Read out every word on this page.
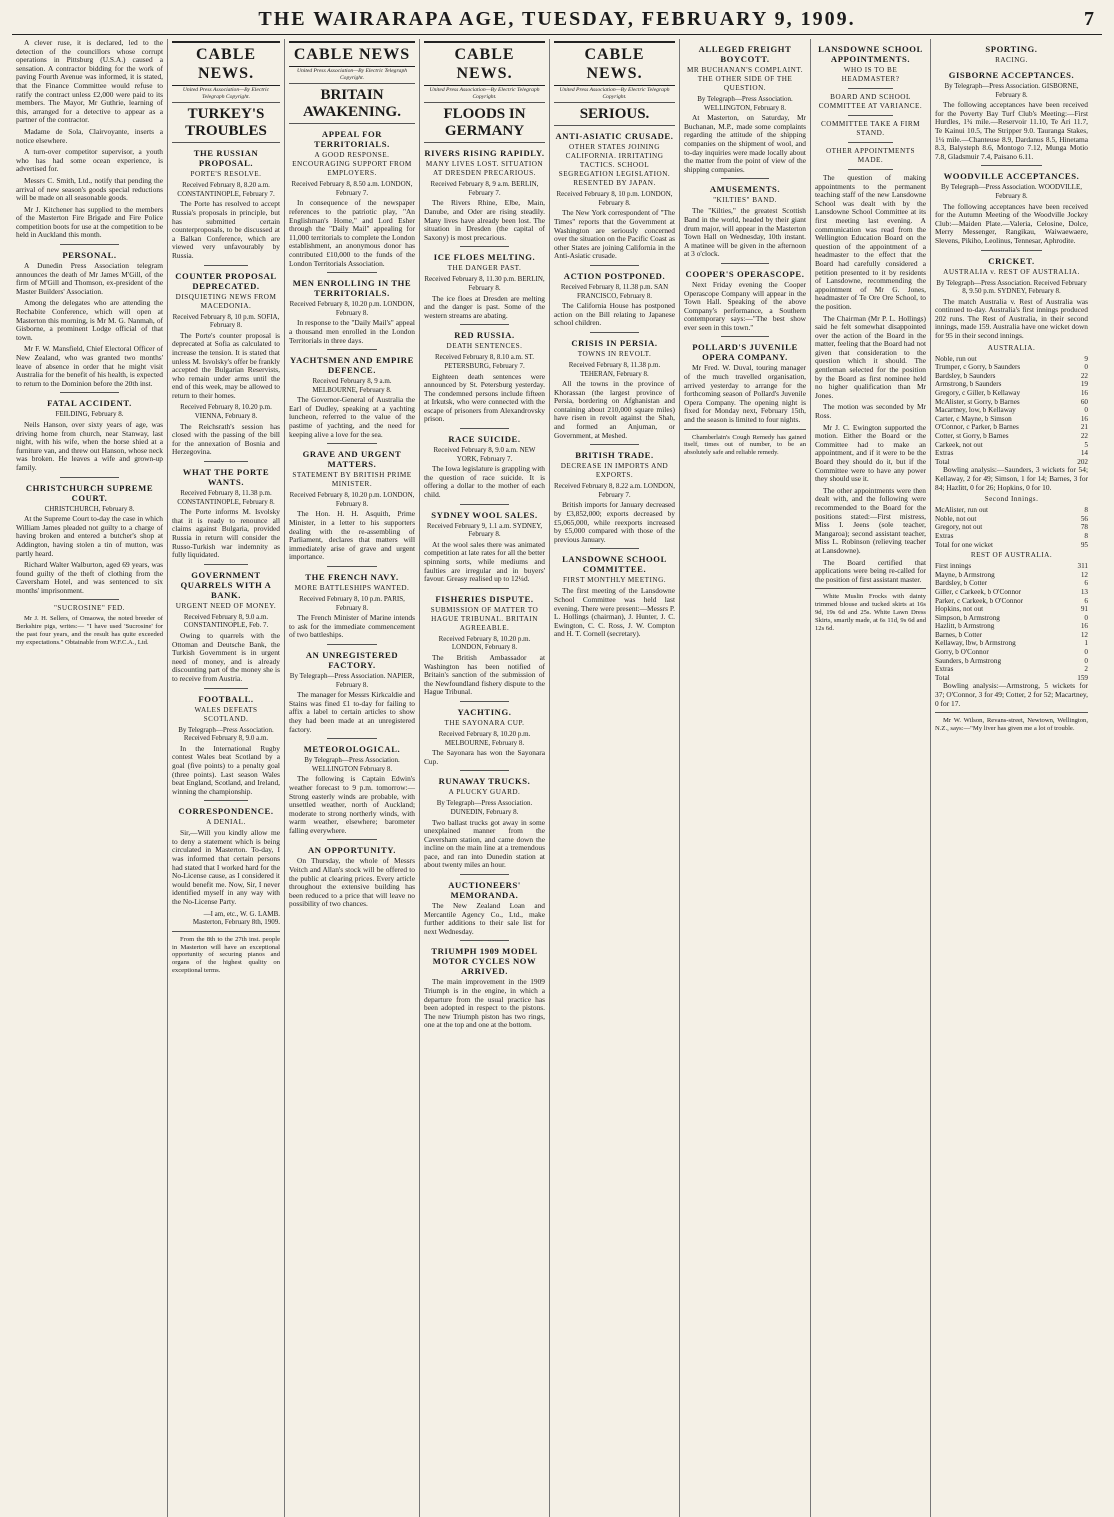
THE WAIRARAPA AGE, TUESDAY, FEBRUARY 9, 1909.	7

A clever ruse, it is declared, led to the detection of the councillors whose corrupt operations in Pittsburg (U.S.A.) caused a sensation. A contractor bidding for the work of paving Fourth Avenue was informed, it is stated, that the Finance Committee would refuse to ratify the contract unless £2,000 were paid to its members. The Mayor, Mr Guthrie, learning of this, arranged for a detective to appear as a partner of the contractor.

Madame de Sola, Clairvoyante, inserts a notice elsewhere.

A turn-over competitor supervisor, a youth who has had some ocean experience, is advertised for.

Messrs C. Smith, Ltd., notify that pending the arrival of new season's goods special reductions will be made on all seasonable goods.

Mr J. Kitchener has supplied to the members of the Masterton Fire Brigade and Fire Police competition boots for use at the competition to be held in Auckland this month.

PERSONAL.

A Dunedin Press Association telegram announces the death of Mr James M'Gill, of the firm of M'Gill and Thomson, ex-president of the Master Builders' Association.

Among the delegates who are attending the Rechabite Conference, which will open at Masterton this morning, is Mr M. G. Nanmah, of Gisborne, a prominent Lodge official of that town.

Mr F. W. Mansfield, Chief Electoral Officer of New Zealand, who was granted two months' leave of absence in order that he might visit Australia for the benefit of his health, is expected to return to the Dominion before the 20th inst.

FATAL ACCIDENT.
FEILDING, February 8.

Neils Hanson, over sixty years of age, was driving home from church, near Stanway, last night, with his wife, when the horse shied at a furniture van, and threw out Hanson, whose neck was broken. He leaves a wife and grown-up family.

CHRISTCHURCH SUPREME COURT.
CHRISTCHURCH, February 8.

At the Supreme Court to-day the case in which William James pleaded not guilty to a charge of having broken and entered a butcher's shop at Addington, having stolen a tin of mutton, was partly heard.

Richard Walter Walburton, aged 69 years, was found guilty of the theft of clothing from the Caversham Hotel, and was sentenced to six months' imprisonment.

"SUCROSINE" FED.

Mr J. H. Sellers, of Omaowa, the noted breeder of Berkshire pigs, writes:— "I have used 'Sucrosine' for the past four years, and the result has quite exceeded my expectations." Obtainable from W.F.C.A., Ltd.

CABLE NEWS.
United Press Association—By Electric Telegraph Copyright.
TURKEY'S TROUBLES
THE RUSSIAN PROPOSAL.
PORTE'S RESOLVE.
Received February 8, 8.20 a.m. CONSTANTINOPLE, February 7.

The Porte has resolved to accept Russia's proposals in principle, but has submitted certain counterproposals, to be discussed at a Balkan Conference, which are viewed very unfavourably by Russia.

COUNTER PROPOSAL DEPRECATED.
DISQUIETING NEWS FROM MACEDONIA.
Received February 8, 10 p.m. SOFIA, February 8.

The Porte's counter proposal is deprecated at Sofia as calculated to increase the tension. It is stated that unless M. Isvolsky's offer be frankly accepted the Bulgarian Reservists, who remain under arms until the end of this week, may be allowed to return to their homes.

Received February 8, 10.20 p.m. VIENNA, February 8.

The Reichsrath's session has closed with the passing of the bill for the annexation of Bosnia and Herzegovina.

WHAT THE PORTE WANTS.
Received February 8, 11.38 p.m. CONSTANTINOPLE, February 8.

The Porte informs M. Isvolsky that it is ready to renounce all claims against Bulgaria, provided Russia in return will consider the Russo-Turkish war indemnity as fully liquidated.

GOVERNMENT QUARRELS WITH A BANK.
URGENT NEED OF MONEY.
Received February 8, 9.0 a.m. CONSTANTINOPLE, Feb. 7.

Owing to quarrels with the Ottoman and Deutsche Bank, the Turkish Government is in urgent need of money, and is already discounting part of the money she is to receive from Austria.

FOOTBALL.
WALES DEFEATS SCOTLAND.
By Telegraph—Press Association. Received February 8, 9.0 a.m.

In the International Rugby contest Wales beat Scotland by a goal (five points) to a penalty goal (three points). Last season Wales beat England, Scotland, and Ireland, winning the championship.

CORRESPONDENCE.
A DENIAL.

Sir,—Will you kindly allow me to deny a statement which is being circulated in Masterton. To-day, I was informed that certain persons had stated that I worked hard for the No-License cause, as I considered it would benefit me. Now, Sir, I never identified myself in any way with the No-License Party.

—I am, etc., W. G. LAMB. Masterton, February 8th, 1909.

From the 8th to the 27th inst. people in Masterton will have an exceptional opportunity of securing pianos and organs of the highest quality on exceptional terms.

CABLE NEWS
United Press Association—By Electric Telegraph Copyright.
BRITAIN AWAKENING.
APPEAL FOR TERRITORIALS.
A GOOD RESPONSE. ENCOURAGING SUPPORT FROM EMPLOYERS.
Received February 8, 8.50 a.m. LONDON, February 7.

In consequence of the newspaper references to the patriotic play, "An Englishman's Home," and Lord Esher through the "Daily Mail" appealing for 11,000 territorials to complete the London establishment, an anonymous donor has contributed £10,000 to the funds of the London Territorials Association.

MEN ENROLLING IN THE TERRITORIALS.
Received February 8, 10.20 p.m. LONDON, February 8.

In response to the "Daily Mail's" appeal a thousand men enrolled in the London Territorials in three days.

YACHTSMEN AND EMPIRE DEFENCE.
Received February 8, 9 a.m. MELBOURNE, February 8.

The Governor-General of Australia the Earl of Dudley, speaking at a yachting luncheon, referred to the value of the pastime of yachting, and the need for keeping alive a love for the sea.

GRAVE AND URGENT MATTERS.
STATEMENT BY BRITISH PRIME MINISTER.
Received February 8, 10.20 p.m. LONDON, February 8.

The Hon. H. H. Asquith, Prime Minister, in a letter to his supporters dealing with the re-assembling of Parliament, declares that matters will immediately arise of grave and urgent importance.

THE FRENCH NAVY.
MORE BATTLESHIPS WANTED.
Received February 8, 10 p.m. PARIS, February 8.

The French Minister of Marine intends to ask for the immediate commencement of two battleships.

AN UNREGISTERED FACTORY.
By Telegraph—Press Association. NAPIER, February 8.

The manager for Messrs Kirkcaldie and Stains was fined £1 to-day for failing to affix a label to certain articles to show they had been made at an unregistered factory.

METEOROLOGICAL.
By Telegraph—Press Association. WELLINGTON February 8.

The following is Captain Edwin's weather forecast to 9 p.m. tomorrow:—Strong easterly winds are probable, with unsettled weather, north of Auckland; moderate to strong northerly winds, with warm weather, elsewhere; barometer falling everywhere.

AN OPPORTUNITY.

On Thursday, the whole of Messrs Veitch and Allan's stock will be offered to the public at clearing prices. Every article throughout the extensive building has been reduced to a price that will leave no possibility of two chances.

CABLE NEWS.
United Press Association—By Electric Telegraph Copyright.
FLOODS IN GERMANY
RIVERS RISING RAPIDLY.
MANY LIVES LOST. SITUATION AT DRESDEN PRECARIOUS.
Received February 8, 9 a.m. BERLIN, February 7.

The Rivers Rhine, Elbe, Main, Danube, and Oder are rising steadily. Many lives have already been lost. The situation in Dresden (the capital of Saxony) is most precarious.

ICE FLOES MELTING.
THE DANGER PAST.
Received February 8, 11.30 p.m. BERLIN, February 8.

The ice floes at Dresden are melting and the danger is past. Some of the western streams are abating.

RED RUSSIA.
DEATH SENTENCES.
Received February 8, 8.10 a.m. ST. PETERSBURG, February 7.

Eighteen death sentences were announced by St. Petersburg yesterday. The condemned persons include fifteen at Irkutsk, who were connected with the escape of prisoners from Alexandrovsky prison.

RACE SUICIDE.
Received February 8, 9.0 a.m. NEW YORK, February 7.

The Iowa legislature is grappling with the question of race suicide. It is offering a dollar to the mother of each child.

SYDNEY WOOL SALES.
Received February 9, 1.1 a.m. SYDNEY, February 8.

At the wool sales there was animated competition at late rates for all the better spinning sorts, while mediums and faulties are irregular and in buyers' favour. Greasy realised up to 12¼d.

FISHERIES DISPUTE.
SUBMISSION OF MATTER TO HAGUE TRIBUNAL. BRITAIN AGREEABLE.
Received February 8, 10.20 p.m. LONDON, February 8.

The British Ambassador at Washington has been notified of Britain's sanction of the submission of the Newfoundland fishery dispute to the Hague Tribunal.

YACHTING.
THE SAYONARA CUP.
Received February 8, 10.20 p.m. MELBOURNE, February 8.

The Sayonara has won the Sayonara Cup.

RUNAWAY TRUCKS.
A PLUCKY GUARD.
By Telegraph—Press Association. DUNEDIN, February 8.

Two ballast trucks got away in some unexplained manner from the Caversham station, and came down the incline on the main line at a tremendous pace, and ran into Dunedin station at about twenty miles an hour.

AUCTIONEERS' MEMORANDA.

The New Zealand Loan and Mercantile Agency Co., Ltd., make further additions to their sale list for next Wednesday.

TRIUMPH 1909 MODEL MOTOR CYCLES NOW ARRIVED.

The main improvement in the 1909 Triumph is in the engine, in which a departure from the usual practice has been adopted in respect to the pistons. The new Triumph piston has two rings, one at the top and one at the bottom.

CABLE NEWS.
United Press Association—By Electric Telegraph Copyright.
SERIOUS.
ANTI-ASIATIC CRUSADE.
OTHER STATES JOINING CALIFORNIA. IRRITATING TACTICS. SCHOOL SEGREGATION LEGISLATION. RESENTED BY JAPAN.
Received February 8, 10 p.m. LONDON, February 8.

The New York correspondent of "The Times" reports that the Government at Washington are seriously concerned over the situation on the Pacific Coast as other States are joining California in the Anti-Asiatic crusade.

ACTION POSTPONED.
Received February 8, 11.38 p.m. SAN FRANCISCO, February 8.

The California House has postponed action on the Bill relating to Japanese school children.

CRISIS IN PERSIA.
TOWNS IN REVOLT.
Received February 8, 11.38 p.m. TEHERAN, February 8.

All the towns in the province of Khorassan (the largest province of Persia, bordering on Afghanistan and containing about 210,000 square miles) have risen in revolt against the Shah, and formed an Anjuman, or Government, at Meshed.

BRITISH TRADE.
DECREASE IN IMPORTS AND EXPORTS.
Received February 8, 8.22 a.m. LONDON, February 7.

British imports for January decreased by £3,852,000; exports decreased by £5,065,000, while reexports increased by £5,000 compared with those of the previous January.

LANSDOWNE SCHOOL COMMITTEE.
FIRST MONTHLY MEETING.

The first meeting of the Lansdowne School Committee was held last evening. There were present:—Messrs P. L. Hollings (chairman), J. Hunter, J. C. Ewington, C. C. Ross, J. W. Compton and H. T. Cornell (secretary).

ALLEGED FREIGHT BOYCOTT.
MR BUCHANAN'S COMPLAINT. THE OTHER SIDE OF THE QUESTION.
By Telegraph—Press Association. WELLINGTON, February 8.

At Masterton, on Saturday, Mr Buchanan, M.P., made some complaints regarding the attitude of the shipping companies on the shipment of wool, and to-day inquiries were made locally about the matter from the point of view of the shipping companies.

AMUSEMENTS.
"KILTIES" BAND.

The "Kilties," the greatest Scottish Band in the world, headed by their giant drum major, will appear in the Masterton Town Hall on Wednesday, 10th instant. A matinee will be given in the afternoon at 3 o'clock.

COOPER'S OPERASCOPE.

Next Friday evening the Cooper Operascope Company will appear in the Town Hall. Speaking of the above Company's performance, a Southern contemporary says:—"The best show ever seen in this town."

POLLARD'S JUVENILE OPERA COMPANY.

Mr Fred. W. Duval, touring manager of the much travelled organisation, arrived yesterday to arrange for the forthcoming season of Pollard's Juvenile Opera Company. The opening night is fixed for Monday next, February 15th, and the season is limited to four nights.

Chamberlain's Cough Remedy has gained itself, times out of number, to be an absolutely safe and reliable remedy.

LANSDOWNE SCHOOL APPOINTMENTS.
WHO IS TO BE HEADMASTER?
BOARD AND SCHOOL COMMITTEE AT VARIANCE.
COMMITTEE TAKE A FIRM STAND.
OTHER APPOINTMENTS MADE.

The question of making appointments to the permanent teaching staff of the new Lansdowne School was dealt with by the Lansdowne School Committee at its first meeting last evening. A communication was read from the Wellington Education Board on the question of the appointment of a headmaster to the effect that the Board had carefully considered a petition presented to it by residents of Lansdowne, recommending the appointment of Mr G. Jones, headmaster of Te Ore Ore School, to the position.

The Chairman (Mr P. L. Hollings) said he felt somewhat disappointed over the action of the Board in the matter, feeling that the Board had not given that consideration to the question which it should. The gentleman selected for the position by the Board as first nominee held no higher qualification than Mr Jones.

The motion was seconded by Mr Ross.

Mr J. C. Ewington supported the motion. Either the Board or the Committee had to make an appointment, and if it were to be the Board they should do it, but if the Committee were to have any power they should use it.

The other appointments were then dealt with, and the following were recommended to the Board for the positions stated:—First mistress, Miss I. Jeens (sole teacher, Mangaroa); second assistant teacher, Miss L. Robinson (relieving teacher at Lansdowne).

The Board certified that applications were being re-called for the position of first assistant master.

White Muslin Frocks with dainty trimmed blouse and tucked skirts at 16s 9d, 19s 6d and 25s. White Lawn Dress Skirts, smartly made, at 6s 11d, 9s 6d and 12s 6d.

SPORTING.
RACING.
GISBORNE ACCEPTANCES.
By Telegraph—Press Association. GISBORNE, February 8.

The following acceptances have been received for the Poverty Bay Turf Club's Meeting:—First Hurdles, 1¾ mile.—Reservoir 11.10, Te Ari 11.7, Te Kainui 10.5, The Stripper 9.0. Tauranga Stakes, 1¼ mile.—Chanteuse 8.9, Dardanus 8.5, Hinetama 8.3, Balysteph 8.6, Montogo 7.12, Munga Motio 7.8, Gladsmuir 7.4, Paisano 6.11.

WOODVILLE ACCEPTANCES.
By Telegraph—Press Association. WOODVILLE, February 8.

The following acceptances have been received for the Autumn Meeting of the Woodville Jockey Club:—Maiden Plate.—Valeria, Celosine, Dolce, Merry Messenger, Rangikau, Waiwaewaere, Slevens, Pikiho, Leolinus, Tennesar, Aphrodite.

CRICKET.
AUSTRALIA v. REST OF AUSTRALIA.
By Telegraph—Press Association. Received February 8, 9.50 p.m. SYDNEY, February 8.

The match Australia v. Rest of Australia was continued to-day. Australia's first innings produced 202 runs. The Rest of Australia, in their second innings, made 159. Australia have one wicket down for 95 in their second innings.

AUSTRALIA.
Noble, run out	9
Trumper, c Gorry, b Saunders	0
Bardsley, b Saunders	22
Armstrong, b Saunders	19
Gregory, c Giller, b Kellaway	16
McAlister, st Gorry, b Barnes	60
Macartney, low, b Kellaway	0
Carter, c Mayne, b Simson	16
O'Connor, c Parker, b Barnes	21
Cotter, st Gorry, b Barnes	22
Carkeek, not out	5
Extras	14
Total	202

Bowling analysis:—Saunders, 3 wickets for 54; Kellaway, 2 for 49; Simson, 1 for 14; Barnes, 3 for 84; Hazlitt, 0 for 26; Hopkins, 0 for 10.

Second Innings.
McAlister, run out	8
Noble, not out	56
Gregory, not out	78
Extras	8
Total for one wicket	95
REST OF AUSTRALIA.
First innings	311
Mayne, b Armstrong	12
Bardsley, b Cotter	6
Giller, c Carkeek, b O'Connor	13
Parker, c Carkeek, b O'Connor	6
Hopkins, not out	91
Simpson, b Armstrong	0
Hazlitt, b Armstrong	16
Barnes, b Cotter	12
Kellaway, lbw, b Armstrong	1
Gorry, b O'Connor	0
Saunders, b Armstrong	0
Extras	2
Total	159

Bowling analysis:—Armstrong, 5 wickets for 37; O'Connor, 3 for 49; Cotter, 2 for 52; Macartney, 0 for 17.

Mr W. Wilson, Revans-street, Newtown, Wellington, N.Z., says:—"My liver has given me a lot of trouble.
